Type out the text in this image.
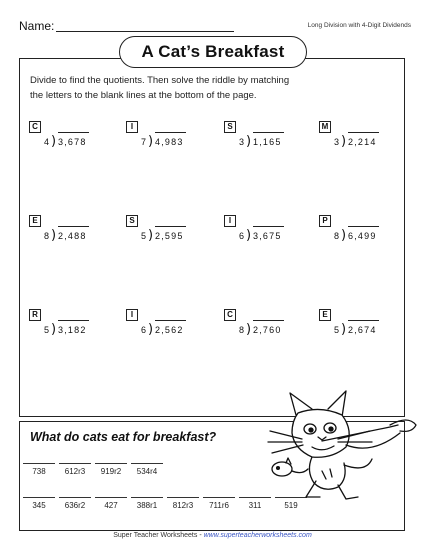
Name:	Long Division with 4-Digit Dividends
A Cat’s Breakfast
Divide to find the quotients. Then solve the riddle by matching
the letters to the blank lines at the bottom of the page.
C
4 ) 3,678
I
7 ) 4,983
S
3 ) 1,165
M
3 ) 2,214
E
8 ) 2,488
S
5 ) 2,595
I
6 ) 3,675
P
8 ) 6,499
R
5 ) 3,182
I
6 ) 2,562
C
8 ) 2,760
E
5 ) 2,674
What do cats eat for breakfast?
738	612r3	919r2	534r4
345	636r2	427	388r1	812r3	711r6	311	519
Super Teacher Worksheets - www.superteacherworksheets.com
